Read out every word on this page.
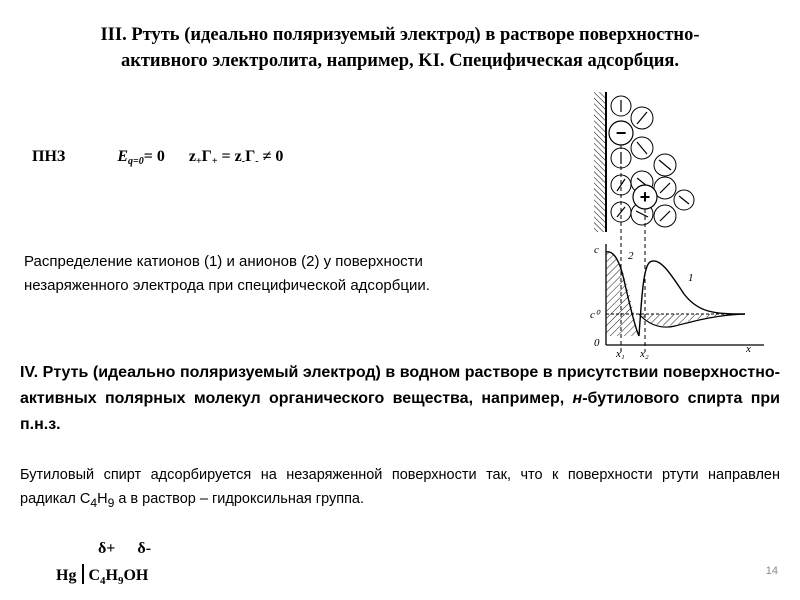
III. Ртуть (идеально поляризуемый электрод) в растворе поверхностно-
активного электролита, например, KI. Специфическая адсорбция.
ПНЗ	Eq=0= 0 z+Γ+ = z-Γ- ≠ 0
Распределение катионов (1) и анионов (2) у поверхности
незаряженного электрода при специфической адсорбции.
−
+
c
c⁰
0	x
x₁ x₂
1
2
IV. Ртуть (идеально поляризуемый электрод) в водном растворе в присутствии поверхностно-активных полярных молекул органического вещества, например, н-бутилового спирта при п.н.з.
Бутиловый спирт адсорбируется на незаряженной поверхности так, что к поверхности ртути направлен радикал $C_4H_9$ а в раствор – гидроксильная группа.
δ+ δ-
Hg $C_4H_9OH$	14
